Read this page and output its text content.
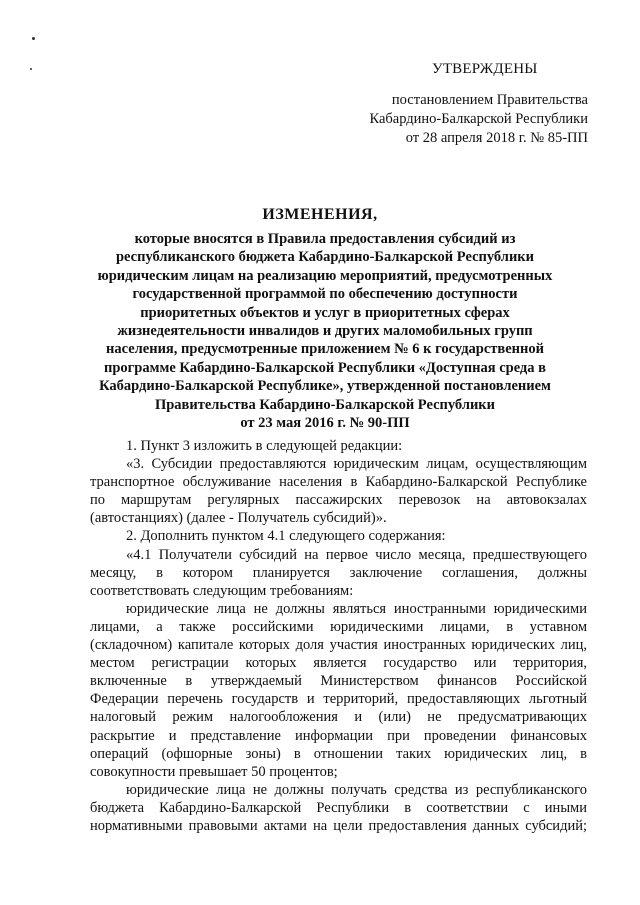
УТВЕРЖДЕНЫ
постановлением Правительства
Кабардино-Балкарской Республики
от 28 апреля 2018 г. № 85-ПП
ИЗМЕНЕНИЯ,
которые вносятся в Правила предоставления субсидий из
республиканского бюджета Кабардино-Балкарской Республики
юридическим лицам на реализацию мероприятий, предусмотренных
государственной программой по обеспечению доступности
приоритетных объектов и услуг в приоритетных сферах
жизнедеятельности инвалидов и других маломобильных групп
населения, предусмотренные приложением № 6 к государственной
программе Кабардино-Балкарской Республики «Доступная среда в
Кабардино-Балкарской Республике», утвержденной постановлением
Правительства Кабардино-Балкарской Республики
от 23 мая 2016 г. № 90-ПП
1. Пункт 3 изложить в следующей редакции:
«3. Субсидии предоставляются юридическим лицам, осуществляющим
транспортное обслуживание населения в Кабардино-Балкарской Республике
по маршрутам регулярных пассажирских перевозок на автовокзалах
(автостанциях) (далее - Получатель субсидий)».
2. Дополнить пунктом 4.1 следующего содержания:
«4.1 Получатели субсидий на первое число месяца, предшествующего
месяцу, в котором планируется заключение соглашения, должны
соответствовать следующим требованиям:
юридические лица не должны являться иностранными юридическими
лицами, а также российскими юридическими лицами, в уставном
(складочном) капитале которых доля участия иностранных юридических лиц,
местом регистрации которых является государство или территория,
включенные в утверждаемый Министерством финансов Российской
Федерации перечень государств и территорий, предоставляющих льготный
налоговый режим налогообложения и (или) не предусматривающих
раскрытие и представление информации при проведении финансовых
операций (офшорные зоны) в отношении таких юридических лиц, в
совокупности превышает 50 процентов;
юридические лица не должны получать средства из республиканского
бюджета Кабардино-Балкарской Республики в соответствии с иными
нормативными правовыми актами на цели предоставления данных субсидий;
